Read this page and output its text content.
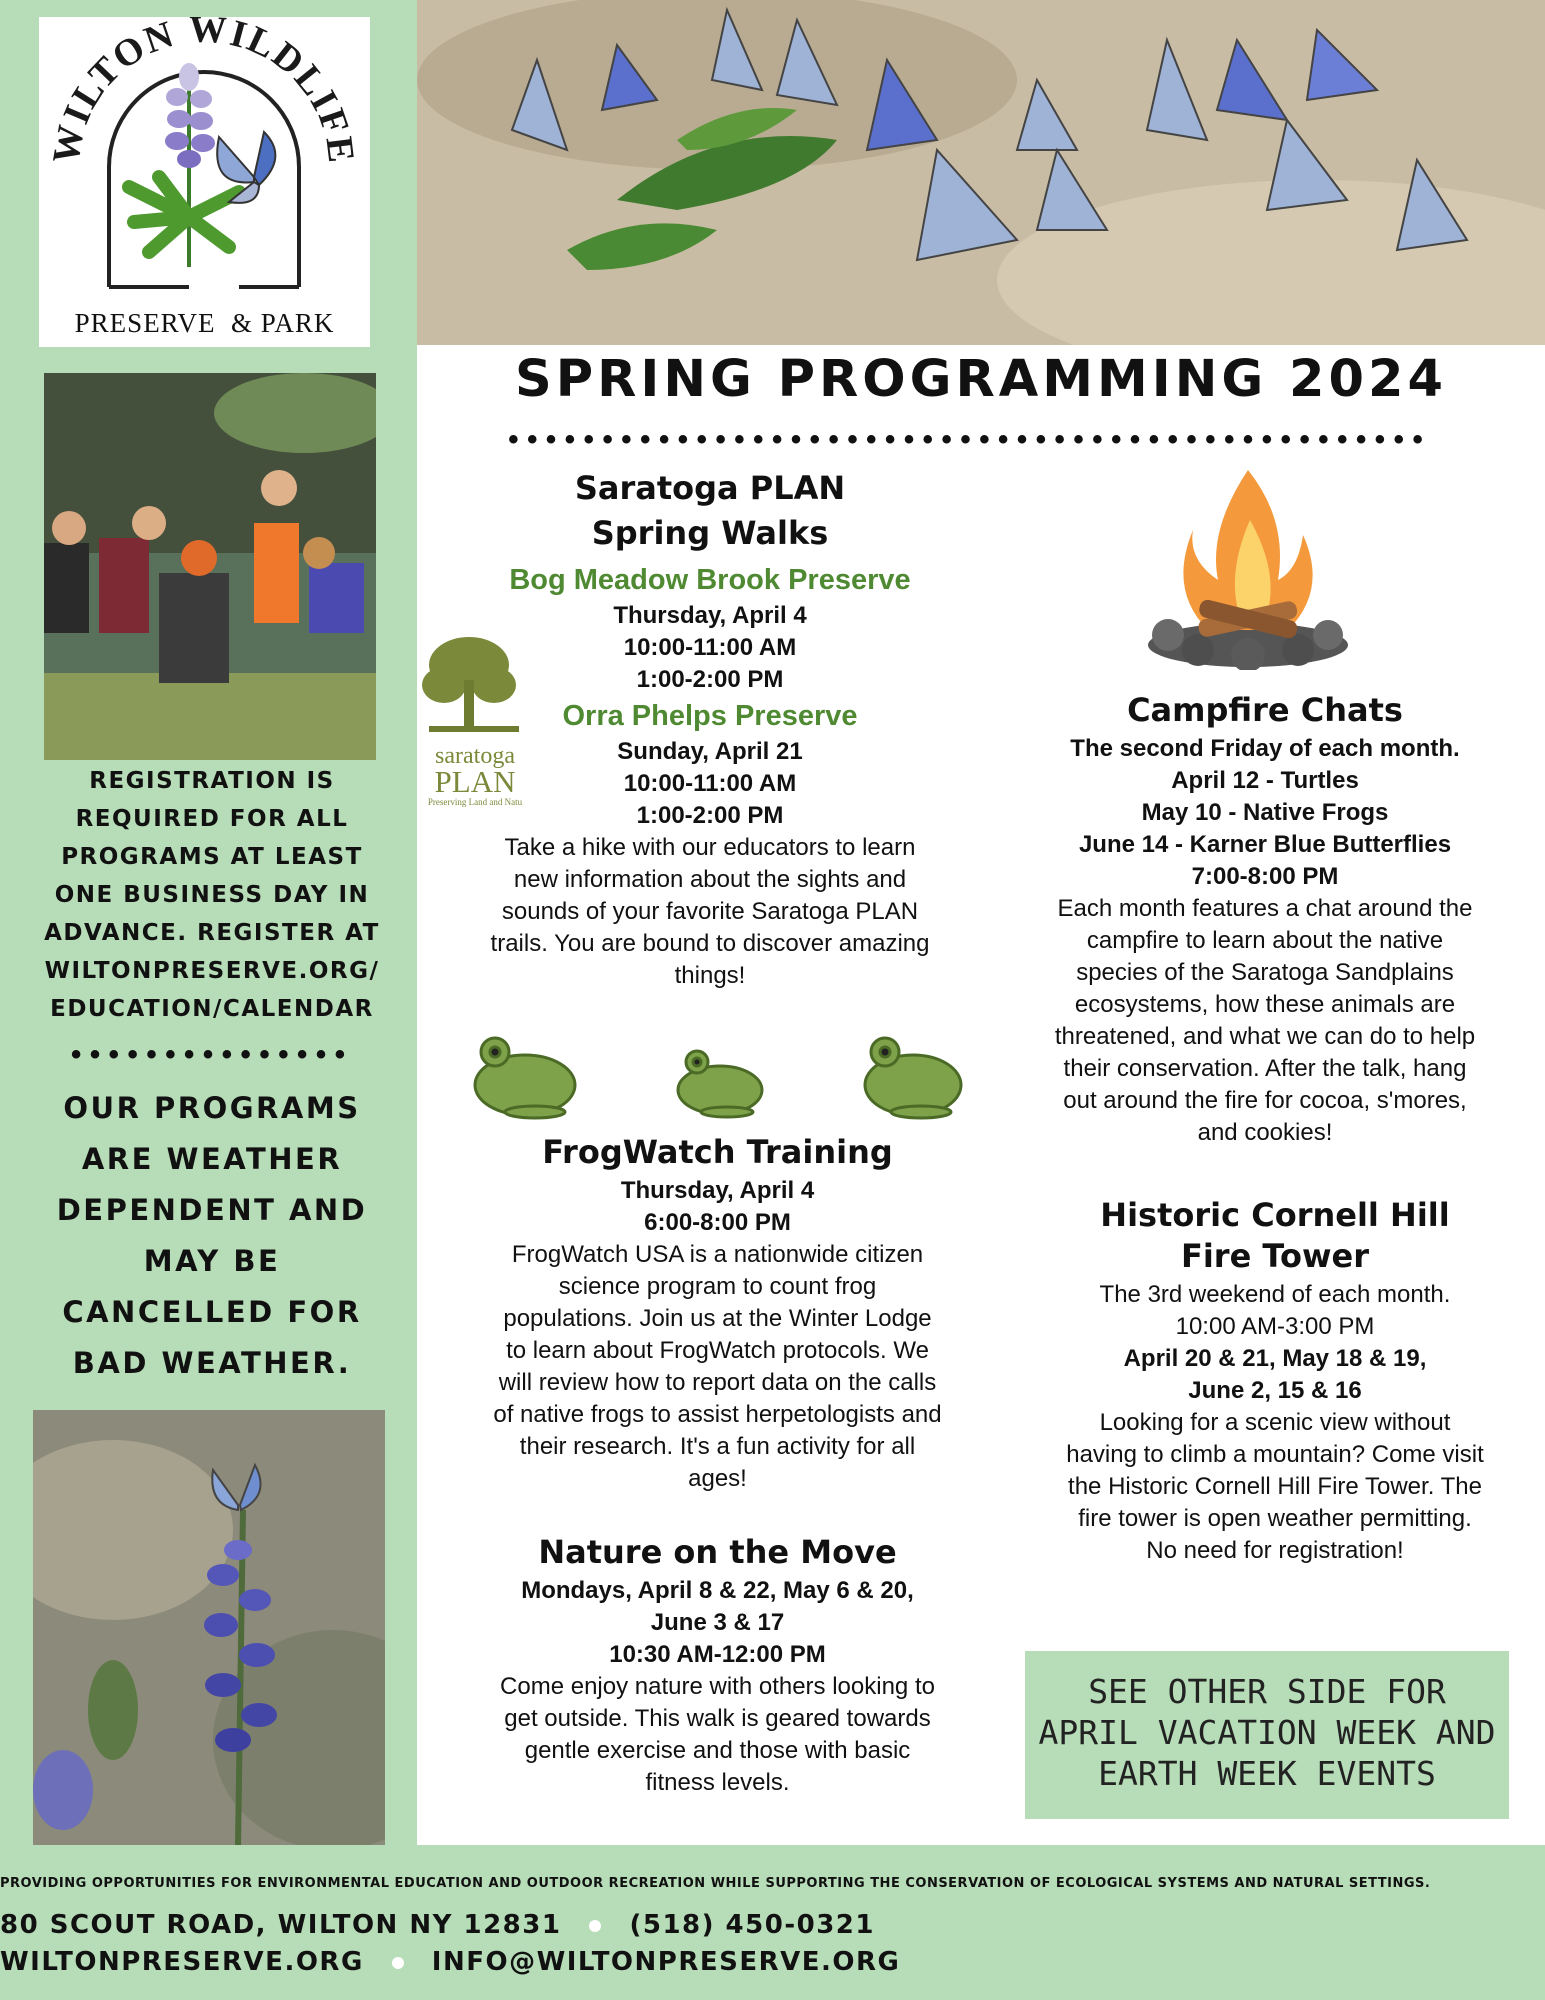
WILTON WILDLIFE
PRESERVE & PARK
REGISTRATION IS
REQUIRED FOR ALL
PROGRAMS AT LEAST
ONE BUSINESS DAY IN
ADVANCE. REGISTER AT
WILTONPRESERVE.ORG/
EDUCATION/CALENDAR
• • • • • • • • • • • • • • •
OUR PROGRAMS
ARE WEATHER
DEPENDENT AND
MAY BE
CANCELLED FOR
BAD WEATHER.
SPRING PROGRAMMING 2024
• • • • • • • • • • • • • • • • • • • • • • • • • • • • • • • • • • • • • • • • • • • • • • • • •
saratoga
PLAN
Preserving Land and Natu
Saratoga PLAN
Spring Walks
Bog Meadow Brook Preserve
Thursday, April 4
10:00-11:00 AM
1:00-2:00 PM
Orra Phelps Preserve
Sunday, April 21
10:00-11:00 AM
1:00-2:00 PM
Take a hike with our educators to learn
new information about the sights and
sounds of your favorite Saratoga PLAN
trails. You are bound to discover amazing
things!
FrogWatch Training
Thursday, April 4
6:00-8:00 PM
FrogWatch USA is a nationwide citizen
science program to count frog
populations. Join us at the Winter Lodge
to learn about FrogWatch protocols. We
will review how to report data on the calls
of native frogs to assist herpetologists and
their research. It's a fun activity for all
ages!
Nature on the Move
Mondays, April 8 & 22, May 6 & 20,
June 3 & 17
10:30 AM-12:00 PM
Come enjoy nature with others looking to
get outside. This walk is geared towards
gentle exercise and those with basic
fitness levels.
Campfire Chats
The second Friday of each month.
April 12 - Turtles
May 10 - Native Frogs
June 14 - Karner Blue Butterflies
7:00-8:00 PM
Each month features a chat around the
campfire to learn about the native
species of the Saratoga Sandplains
ecosystems, how these animals are
threatened, and what we can do to help
their conservation. After the talk, hang
out around the fire for cocoa, s'mores,
and cookies!
Historic Cornell Hill
Fire Tower
The 3rd weekend of each month.
10:00 AM-3:00 PM
April 20 & 21, May 18 & 19,
June 2, 15 & 16
Looking for a scenic view without
having to climb a mountain? Come visit
the Historic Cornell Hill Fire Tower. The
fire tower is open weather permitting.
No need for registration!
SEE OTHER SIDE FOR
APRIL VACATION WEEK AND
EARTH WEEK EVENTS
PROVIDING OPPORTUNITIES FOR ENVIRONMENTAL EDUCATION AND OUTDOOR RECREATION WHILE SUPPORTING THE CONSERVATION OF ECOLOGICAL SYSTEMS AND NATURAL SETTINGS.
80 SCOUT ROAD, WILTON NY 12831	(518) 450-0321
WILTONPRESERVE.ORG	INFO@WILTONPRESERVE.ORG
